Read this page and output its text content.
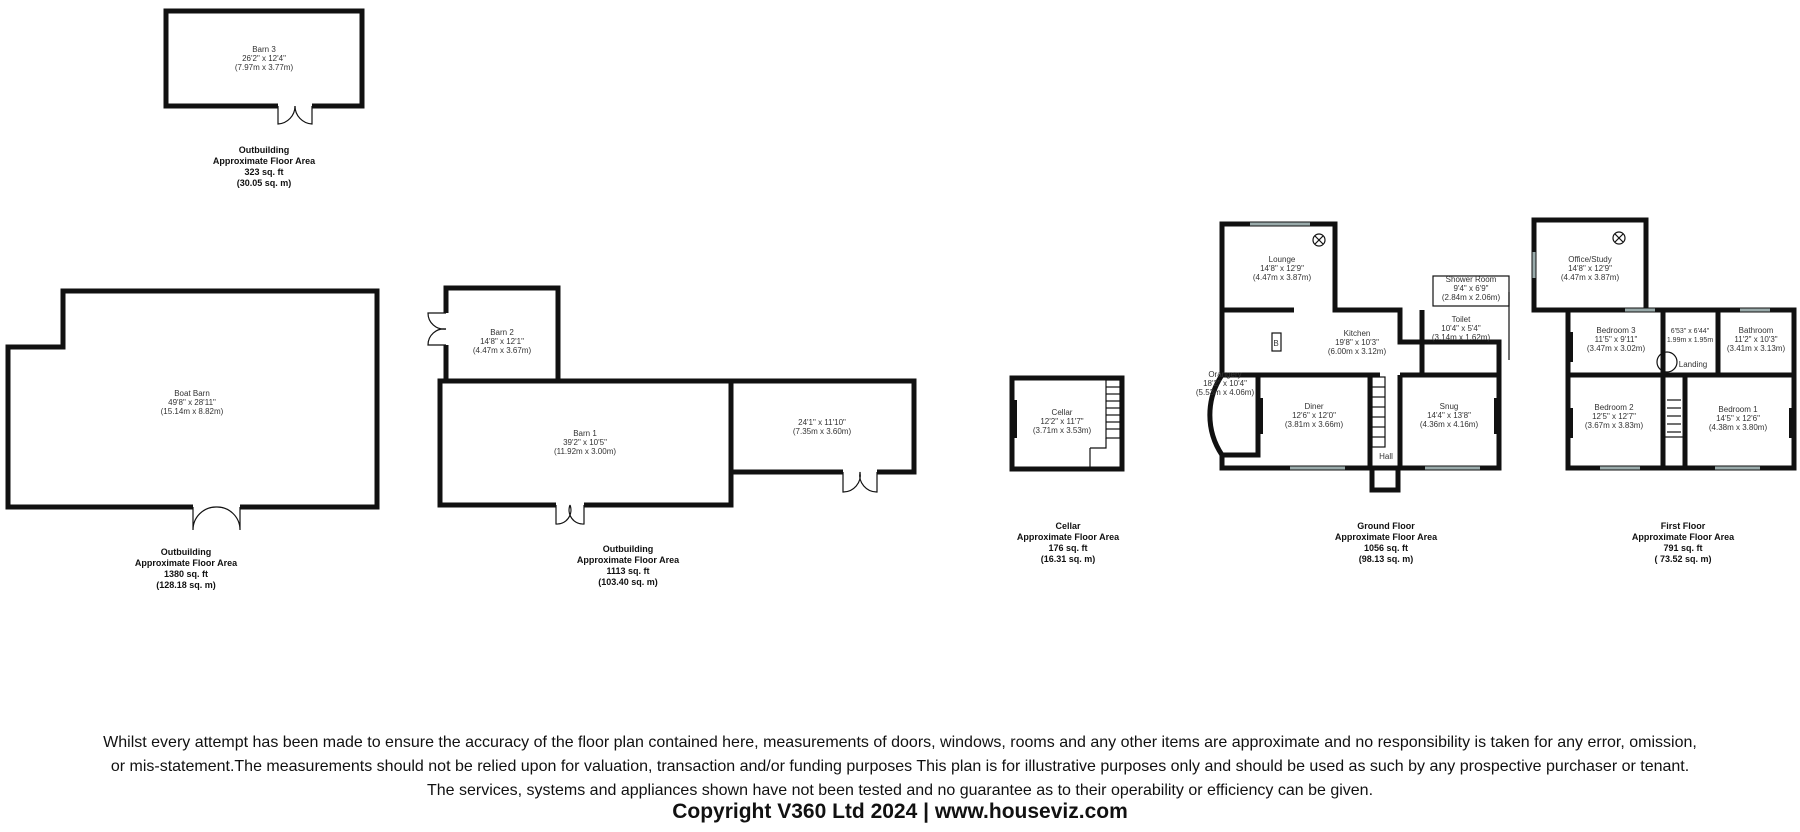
Barn 3
26'2" x 12'4"
(7.97m x 3.77m)
Outbuilding
Approximate Floor Area
323 sq. ft
(30.05 sq. m)
Boat Barn
49'8" x 28'11"
(15.14m x 8.82m)
Outbuilding
Approximate Floor Area
1380 sq. ft
(128.18 sq. m)
Barn 2
14'8" x 12'1"
(4.47m x 3.67m)
Barn 1
39'2" x 10'5"
(11.92m x 3.00m)
24'1" x 11'10"
(7.35m x 3.60m)
Outbuilding
Approximate Floor Area
1113 sq. ft
(103.40 sq. m)
Cellar
12'2" x 11'7"
(3.71m x 3.53m)
Cellar
Approximate Floor Area
176 sq. ft
(16.31 sq. m)
B
Lounge
14'8" x 12'9"
(4.47m x 3.87m)
Orangery
18'2" x 10'4"
(5.53m x 4.06m)
Kitchen
19'8" x 10'3"
(6.00m x 3.12m)
Shower Room
9'4" x 6'9"
(2.84m x 2.06m)
Toilet
10'4" x 5'4"
(3.14m x 1.62m)
Diner
12'6" x 12'0"
(3.81m x 3.66m)
Snug
14'4" x 13'8"
(4.36m x 4.16m)
Hall
Ground Floor
Approximate Floor Area
1056 sq. ft
(98.13 sq. m)
Office/Study
14'8" x 12'9"
(4.47m x 3.87m)
Bedroom 3
11'5" x 9'11"
(3.47m x 3.02m)
6'53" x 6'44"
1.99m x 1.95m
Bathroom
11'2" x 10'3"
(3.41m x 3.13m)
Landing
Bedroom 2
12'5" x 12'7"
(3.67m x 3.83m)
Bedroom 1
14'5" x 12'6"
(4.38m x 3.80m)
First Floor
Approximate Floor Area
791 sq. ft
( 73.52 sq. m)

Whilst every attempt has been made to ensure the accuracy of the floor plan contained here, measurements of doors, windows, rooms and any other items are approximate and no responsibility is taken for any error, omission,

or mis-statement.The measurements should not be relied upon for valuation, transaction and/or funding purposes This plan is for illustrative purposes only and should be used as such by any prospective purchaser or tenant.

The services, systems and appliances shown have not been tested and no guarantee as to their operability or efficiency can be given.

Copyright V360 Ltd 2024 | www.houseviz.com
